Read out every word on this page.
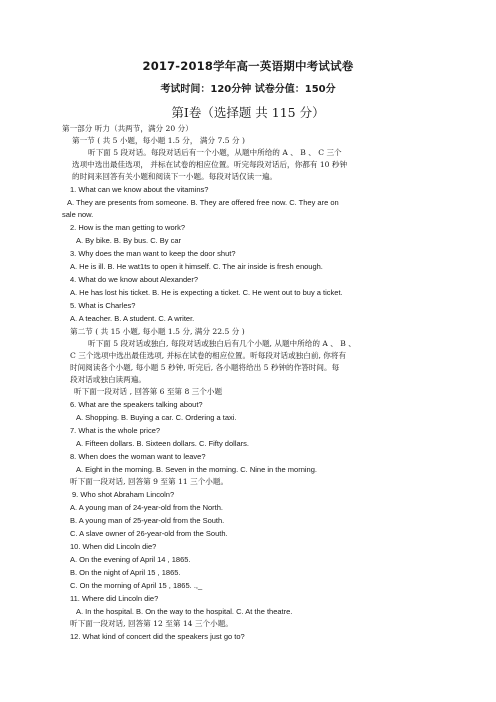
2017-2018学年高一英语期中考试试卷
考试时间：120分钟 试卷分值：150分
第Ⅰ卷（选择题 共 115 分）
第一部分 听力（共两节，满分 20 分）
第一节 ( 共 5 小题，每小题 1.5 分， 满分 7.5 分 )
听下面 5 段对话。每段对话后有一个小题，从题中所给的 A 、 B 、 C 三个
选项中选出最佳选项， 并标在试卷的相应位置。听完每段对话后，你都有 10 秒钟
的时间来回答有关小题和阅读下一小题。每段对话仅读一遍。
1. What can we know about the vitamins?
A. They are presents from someone. B. They are offered free now. C. They are on
sale now.
2. How is the man getting to work?
A. By bike. B. By bus. C. By car
3. Why does the man want to keep the door shut?
A. He is ill. B. He wat1ts to open it himself. C. The air inside is fresh enough.
4. What do we know about Alexander?
A. He has lost his ticket. B. He is expecting a ticket. C. He went out to buy a ticket.
5. What is Charles?
A. A teacher. B. A student. C. A writer.
第二节 ( 共 15 小题, 每小题 1.5 分, 满分 22.5 分 )
听下面 5 段对话或独白, 每段对话或独白后有几个小题, 从题中所给的 A 、 B 、
C 三个选项中选出最佳选项, 并标在试卷的相应位置。听每段对话或独白前, 你将有
时间阅读各个小题, 每小题 5 秒钟, 听完后, 各小题将给出 5 秒钟的作答时间。每
段对话或独白读两遍。
听下面一段对话 , 回答第 6 至第 8 三个小题
6. What are the speakers talking about?
A. Shopping. B. Buying a car. C. Ordering a taxi.
7. What is the whole price?
A. Fifteen dollars. B. Sixteen dollars. C. Fifty dollars.
8. When does the woman want to leave?
A. Eight in the morning. B. Seven in the morning. C. Nine in the morning.
听下面一段对话, 回答第 9 至第 11 三个小题。
9. Who shot Abraham Lincoln?
A. A young man of 24-year-old from the North.
B. A young man of 25-year-old from the South.
C. A slave owner of 26-year-old from the South.
10. When did Lincoln die?
A. On the evening of April 14 , 1865.
B. On the night of April 15 , 1865.
C. On the morning of April 15 , 1865. .,_
11. Where did Lincoln die?
A. In the hospital. B. On the way to the hospital. C. At the theatre.
听下面一段对话, 回答第 12 至第 14 三个小题。
12. What kind of concert did the speakers just go to?
